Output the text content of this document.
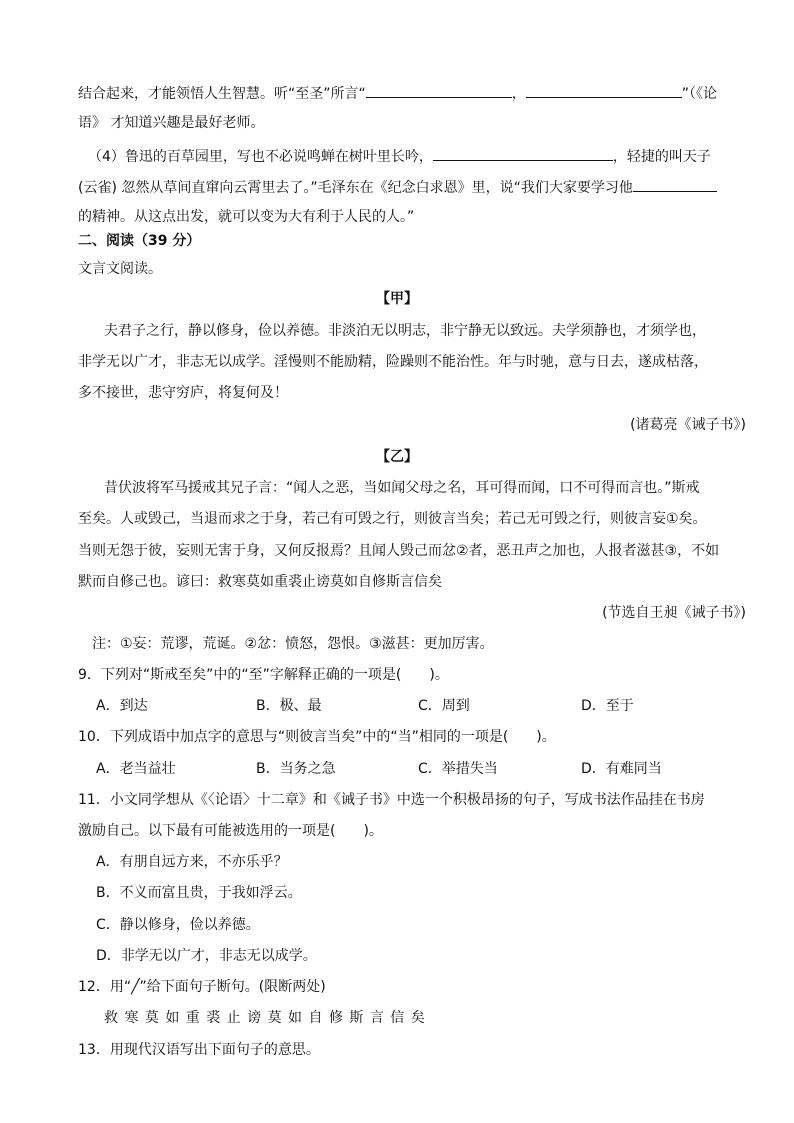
结合起来，才能领悟人生智慧。听“至圣”所言“	，	”（《论
语》 才知道兴趣是最好老师。
（4）鲁迅的百草园里，写也不必说鸣蝉在树叶里长吟，	，轻捷的叫天子
(云雀) 忽然从草间直窜向云霄里去了。”毛泽东在《纪念白求恩》里，说“我们大家要学习他
的精神。从这点出发，就可以变为大有利于人民的人。”
二、阅读（39 分）
文言文阅读。
【甲】
夫君子之行，静以修身，俭以养德。非淡泊无以明志，非宁静无以致远。夫学须静也，才须学也，
非学无以广才，非志无以成学。淫慢则不能励精，险躁则不能治性。年与时驰，意与日去，遂成枯落，
多不接世，悲守穷庐，将复何及！
(诸葛亮《诫子书》)
【乙】
昔伏波将军马援戒其兄子言：“闻人之恶，当如闻父母之名，耳可得而闻，口不可得而言也。”斯戒
至矣。人或毁己，当退而求之于身，若己有可毁之行，则彼言当矣；若己无可毁之行，则彼言妄①矣。
当则无怨于彼，妄则无害于身，又何反报焉？且闻人毁己而忿②者，恶丑声之加也，人报者滋甚③，不如
默而自修己也。谚曰：救寒莫如重裘止谤莫如自修斯言信矣
(节选自王昶《诫子书》)
注：①妄：荒谬，荒诞。②忿：愤怒，怨恨。③滋甚：更加厉害。
9．下列对“斯戒至矣”中的“至”字解释正确的一项是(　　)。
A．到达	B．极、最	C．周到	D．至于
10．下列成语中加点字的意思与“则彼言当矣”中的“当”相同的一项是(　　)。
A．老当益壮	B．当务之急	C．举措失当	D．有难同当
11．小文同学想从《〈论语〉十二章》和《诫子书》中选一个积极昂扬的句子，写成书法作品挂在书房
激励自己。以下最有可能被选用的一项是(　　)。
A．有朋自远方来，不亦乐乎？
B．不义而富且贵，于我如浮云。
C．静以修身，俭以养德。
D．非学无以广才，非志无以成学。
12．用“╱”给下面句子断句。(限断两处)
救 寒 莫 如 重 裘 止 谤 莫 如 自 修 斯 言 信 矣
13．用现代汉语写出下面句子的意思。
